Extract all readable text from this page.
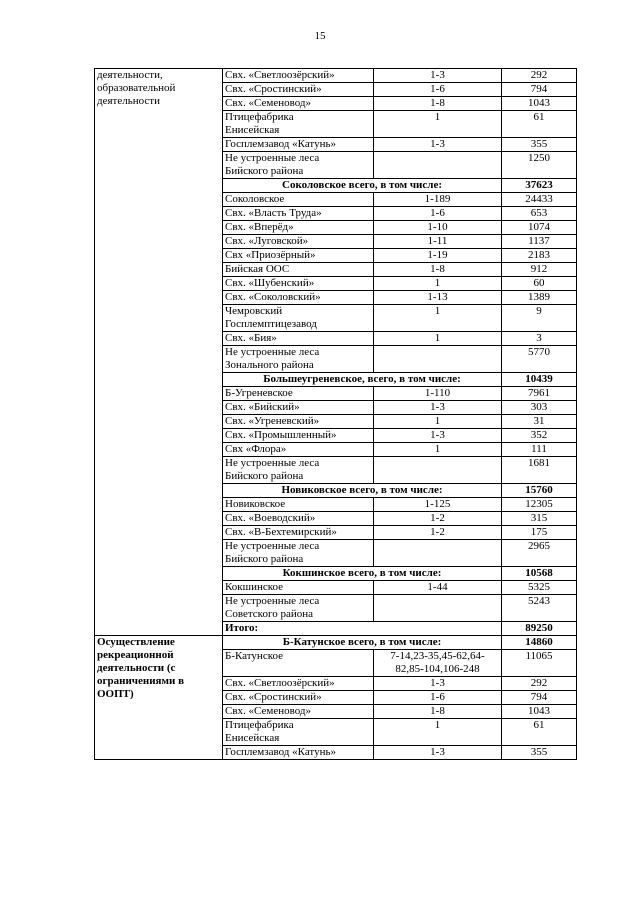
15
деятельности,
образовательной
деятельности	Свх. «Светлоозёрский»	1-3	292

	Свх. «Сростинский»	1-6	794

	Свх. «Семеновод»	1-8	1043

	Птицефабрика
Енисейская	1	61

	Госплемзавод «Катунь»	1-3	355

	Не устроенные леса
Бийского района		1250
	Соколовское всего, в том числе:		37623

	Соколовское	1-189	24433

	Свх. «Власть Труда»	1-6	653

	Свх. «Вперёд»	1-10	1074

	Свх. «Луговской»	1-11	1137

	Свх «Приозёрный»	1-19	2183

	Бийская ООС	1-8	912

	Свх. «Шубенский»	1	60

	Свх. «Соколовский»	1-13	1389

	Чемровский
Госплемптицезавод	1	9

	Свх. «Бия»	1	3

	Не устроенные леса
Зонального района		5770
	Большеугреневское, всего, в том числе:		10439

	Б-Угреневское	1-110	7961

	Свх. «Бийский»	1-3	303

	Свх. «Угреневский»	1	31

	Свх. «Промышленный»	1-3	352

	Свх «Флора»	1	111

	Не устроенные леса
Бийского района		1681
	Новиковское всего, в том числе:		15760

	Новиковское	1-125	12305

	Свх. «Воеводский»	1-2	315

	Свх. «В-Бехтемирский»	1-2	175

	Не устроенные леса
Бийского района		2965
	Кокшинское всего, в том числе:		10568

	Кокшинское	1-44	5325

	Не устроенные леса
Советского района		5243
	Итого:		89250

Осуществление
рекреационной
деятельности (с
ограничениями в
ООПТ)	Б-Катунское всего, в том числе:		14860

	Б-Катунское	7-14,23-35,45-62,64-
82,85-104,106-248	11065

	Свх. «Светлоозёрский»	1-3	292

	Свх. «Сростинский»	1-6	794

	Свх. «Семеновод»	1-8	1043

	Птицефабрика
Енисейская	1	61

	Госплемзавод «Катунь»	1-3	355
